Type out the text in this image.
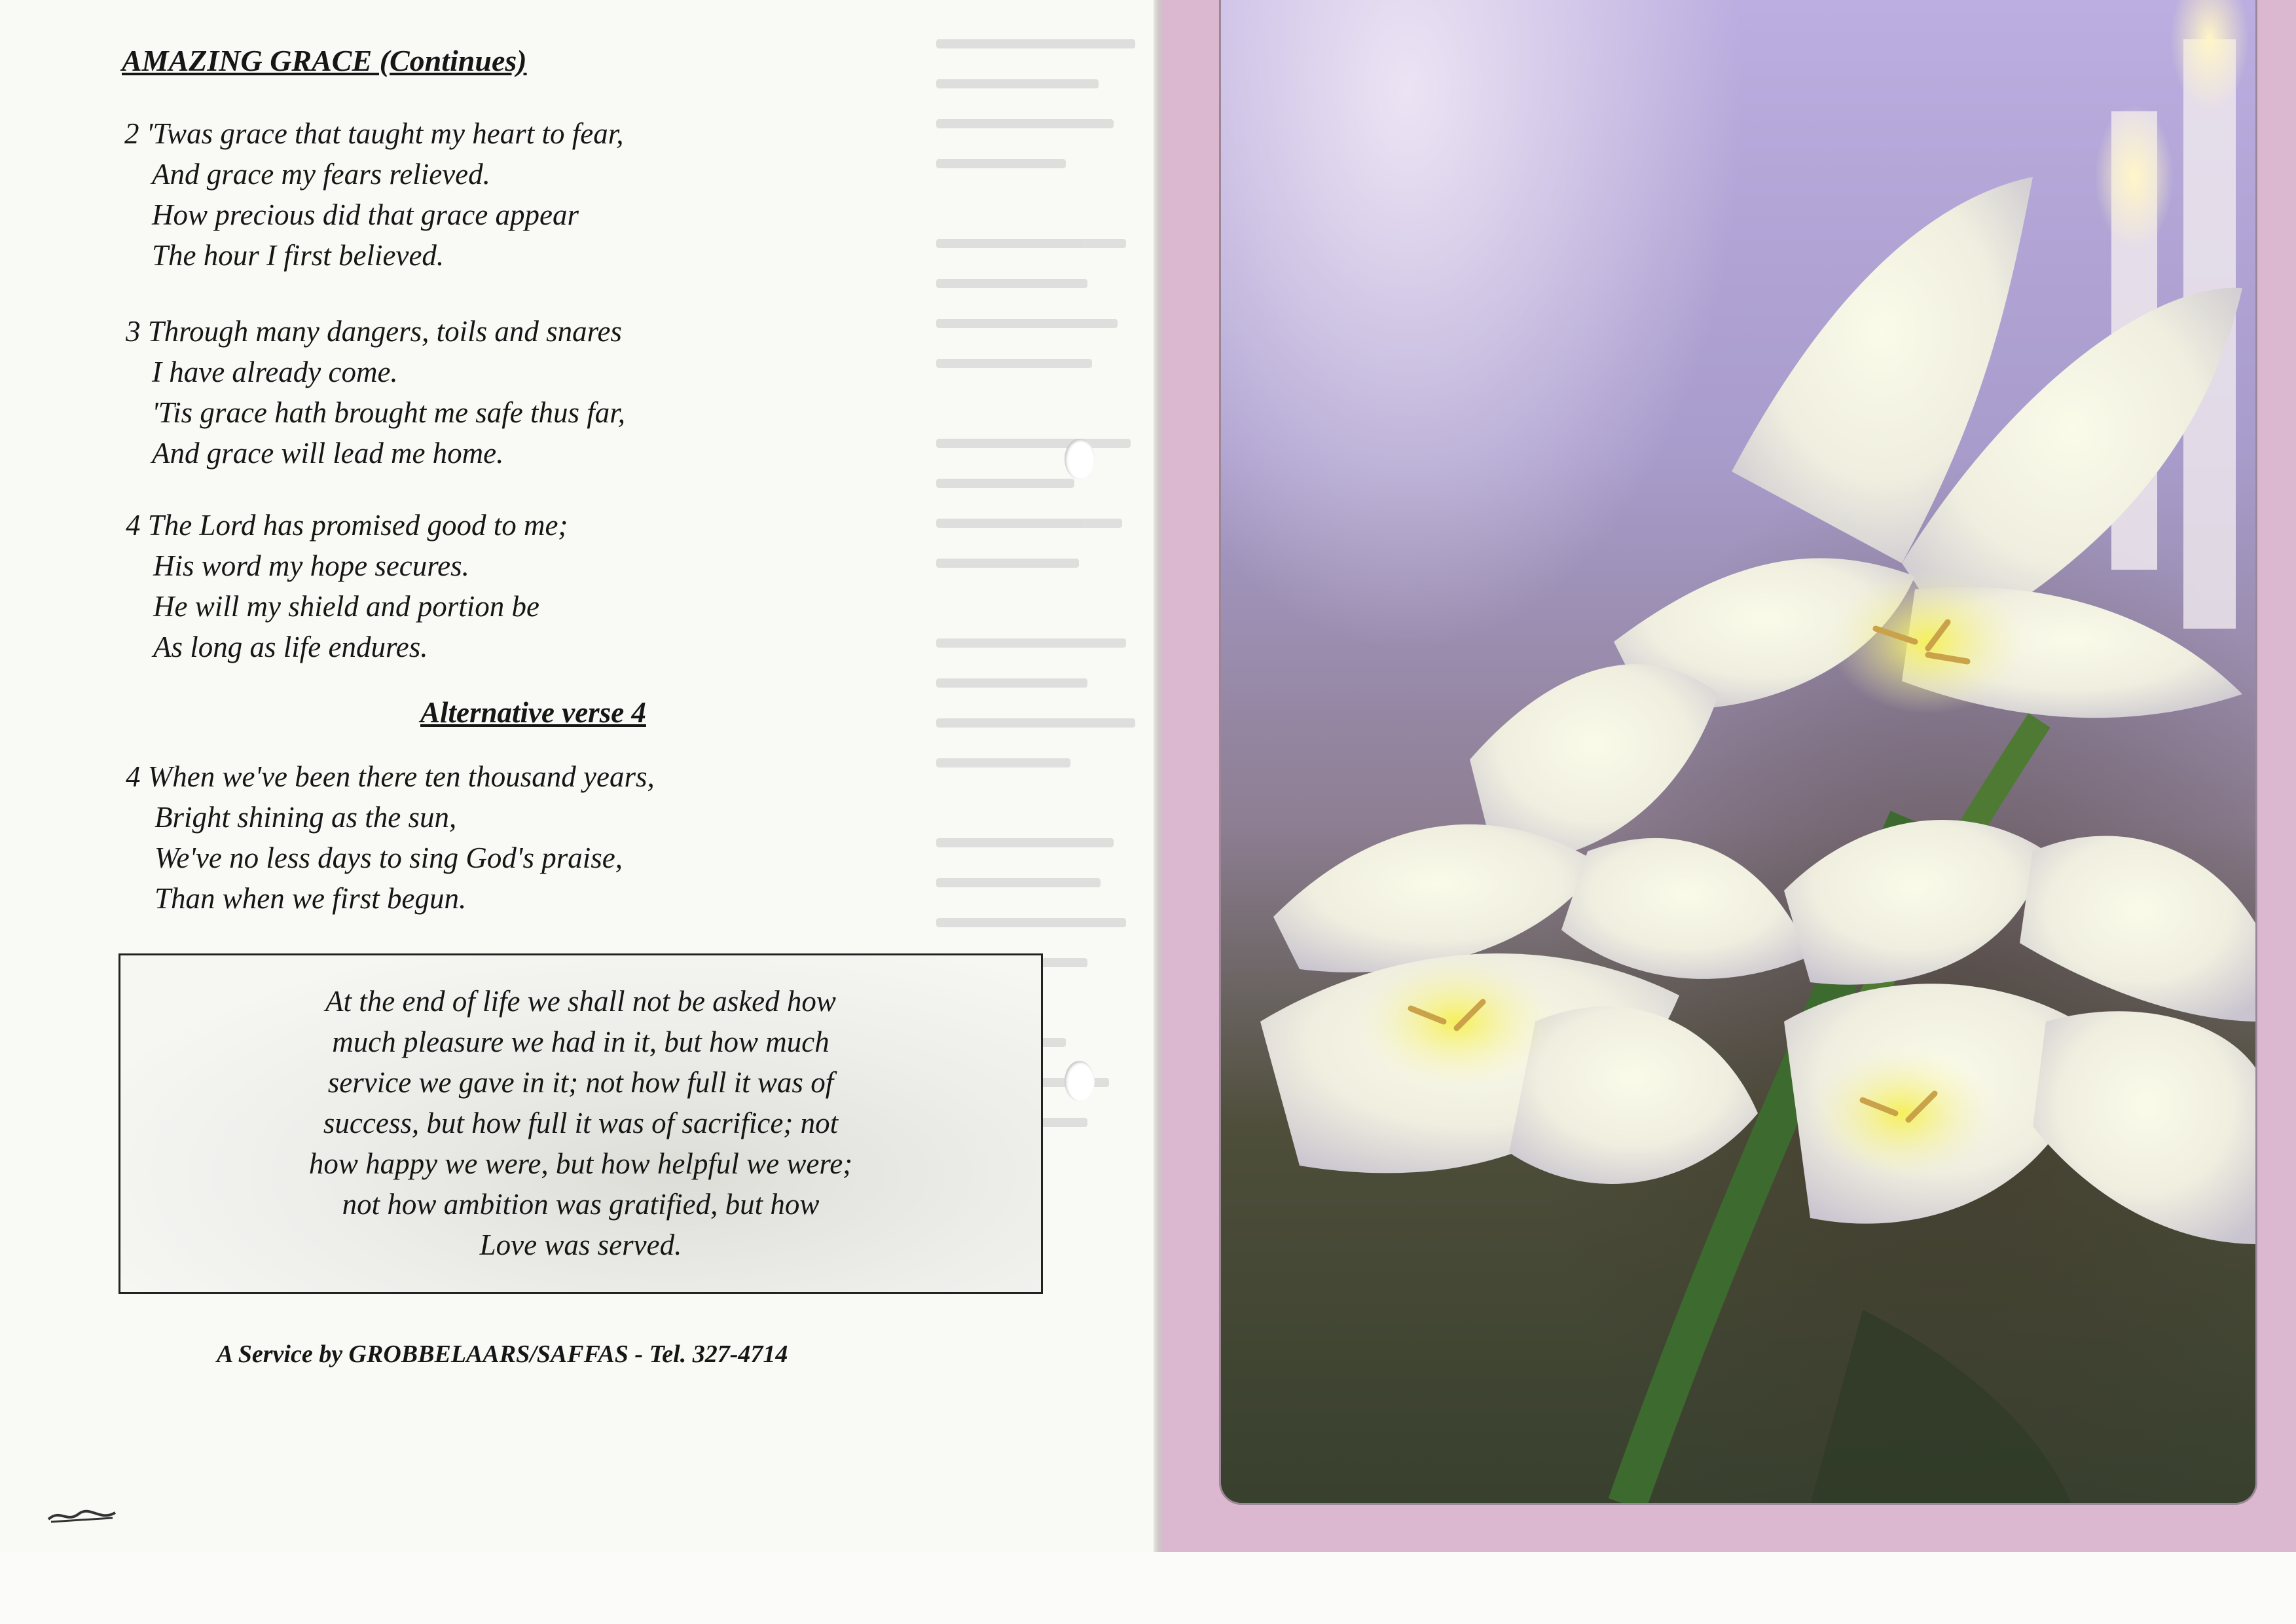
AMAZING GRACE (Continues)
2 'Twas grace that taught my heart to fear,
And grace my fears relieved.
How precious did that grace appear
The hour I first believed.
3 Through many dangers, toils and snares
I have already come.
'Tis grace hath brought me safe thus far,
And grace will lead me home.
4 The Lord has promised good to me;
His word my hope secures.
He will my shield and portion be
As long as life endures.
Alternative verse 4
4 When we've been there ten thousand years,
Bright shining as the sun,
We've no less days to sing God's praise,
Than when we first begun.
At the end of life we shall not be asked how
much pleasure we had in it, but how much
service we gave in it; not how full it was of
success, but how full it was of sacrifice; not
how happy we were, but how helpful we were;
not how ambition was gratified, but how
Love was served.
A Service by GROBBELAARS/SAFFAS - Tel. 327-4714
